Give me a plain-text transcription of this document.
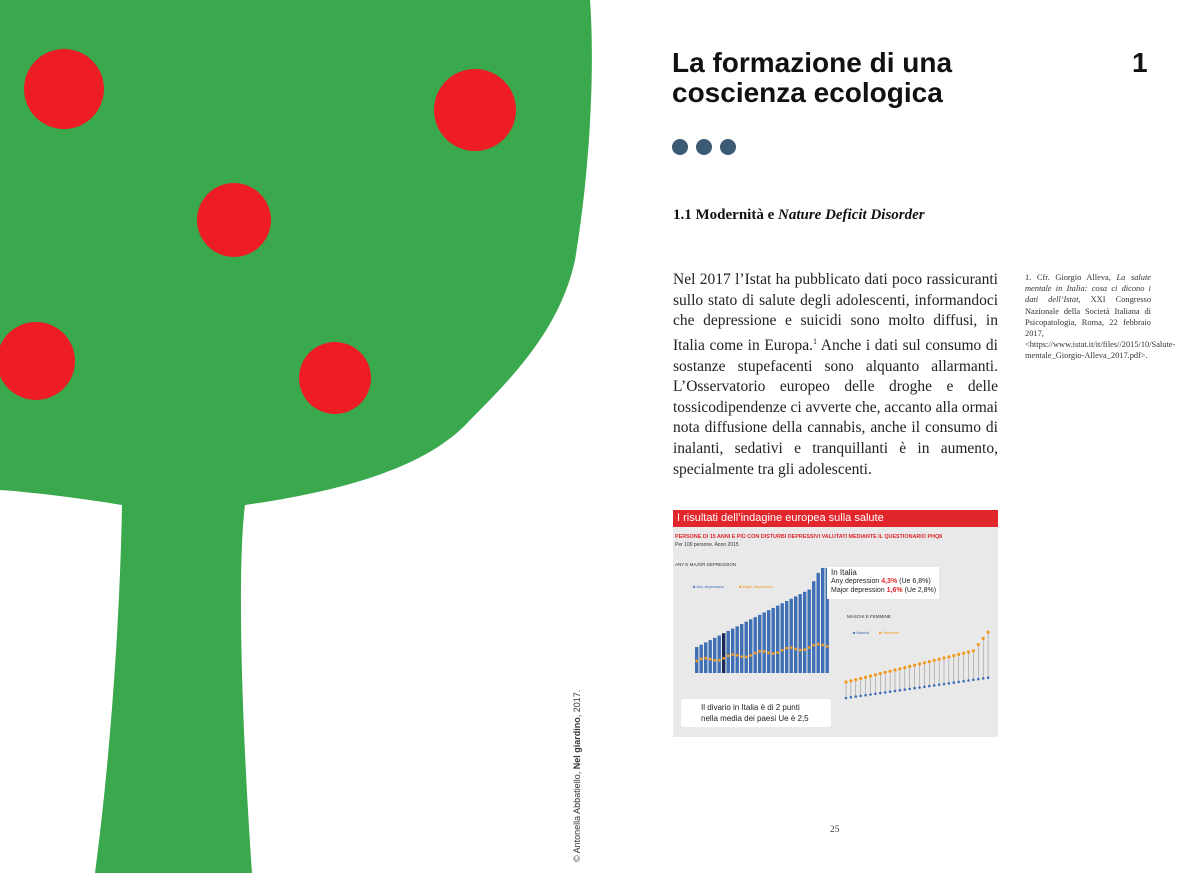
© Antonella Abbatiello, Nel giardino, 2017.
La formazione di una coscienza ecologica
1
1.1 Modernità e Nature Deficit Disorder

Nel 2017 l’Istat ha pubblicato dati poco rassicuranti sullo stato di salute degli adolescenti, informandoci che depressione e suicidi sono molto diffusi, in Italia come in Europa.$^1$ Anche i dati sul consumo di sostanze stupefacenti sono alquanto allarmanti. L’Osservatorio europeo delle droghe e delle tossicodipendenze ci avverte che, accanto alla ormai nota diffusione della cannabis, anche il consumo di inalanti, sedativi e tranquillanti è in aumento, specialmente tra gli adolescenti.

1. Cfr. Giorgio Alleva, La salute mentale in Italia: cosa ci dicono i dati dell’Istat, XXI Congresso Nazionale della Società Italiana di Psicopatologia, Roma, 22 febbraio 2017, <https://www.istat.it/it/files//2015/10/Salute-mentale_Giorgio-Alleva_2017.pdf>.

I risultati dell’indagine europea sulla salute
PERSONE DI 15 ANNI E PIÙ CON DISTURBI DEPRESSIVI VALUTATI MEDIANTE IL QUESTIONARIO PHQ8
Per 100 persone. Anno 2015
ANY E MAJOR DEPRESSION
■ Any depression	■ Major depression
In Italia
Any depression 4,3% (Ue 6,8%)
Major depression 1,6% (Ue 2,8%)
MASCHI E FEMMINE
■ Maschi ■ Femmine
Il divario in Italia è di 2 punti
nella media dei paesi Ue è 2,5
25
